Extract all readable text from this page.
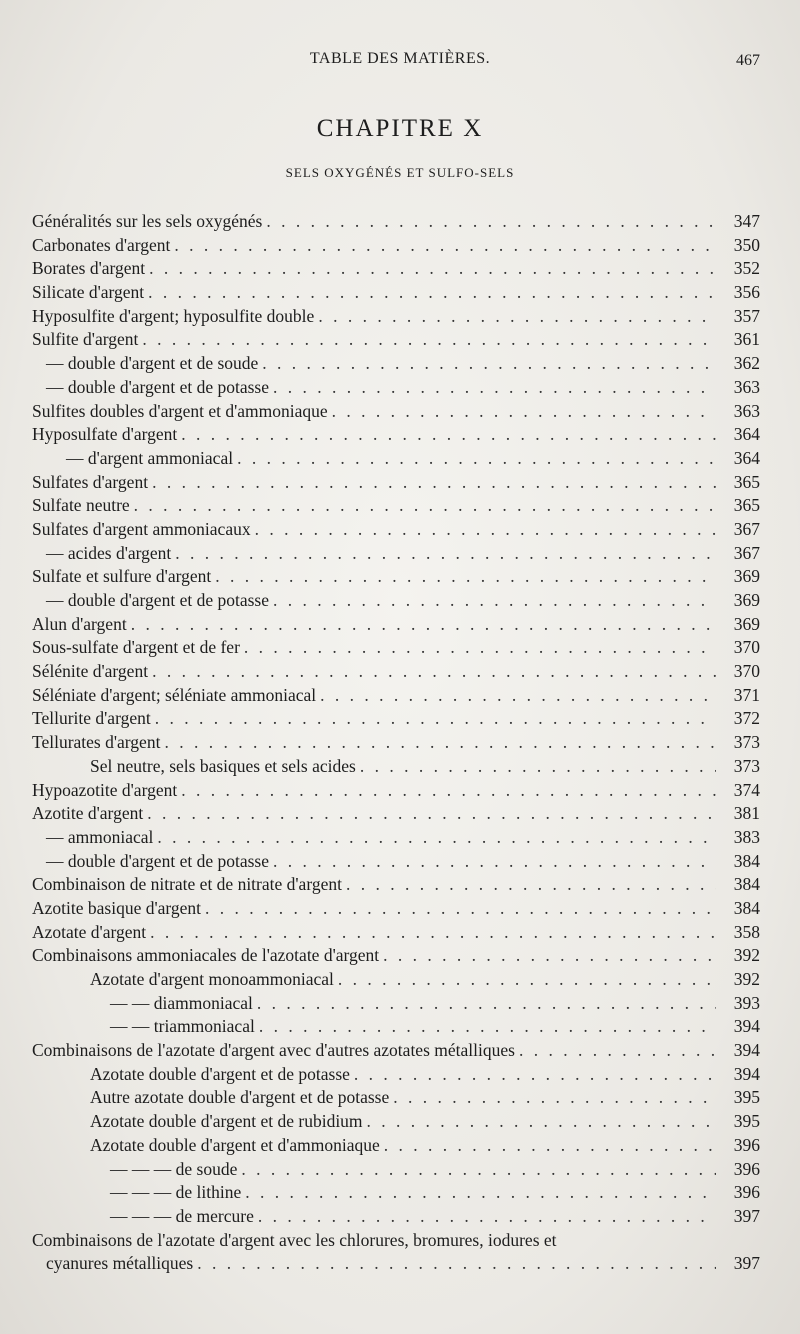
TABLE DES MATIÈRES.	467
CHAPITRE X
SELS OXYGÉNÉS ET SULFO-SELS
Généralités sur les sels oxygénés . . .	347
Carbonates d'argent . . .	350
Borates d'argent . . .	352
Silicate d'argent . . .	356
Hyposulfite d'argent; hyposulfite double . . .	357
Sulfite d'argent . . .	361
— double d'argent et de soude . . .	362
— double d'argent et de potasse . . .	363
Sulfites doubles d'argent et d'ammoniaque . . .	363
Hyposulfate d'argent . . .	364
— d'argent ammoniacal . . .	364
Sulfates d'argent . . .	365
Sulfate neutre . . .	365
Sulfates d'argent ammoniacaux . . .	367
— acides d'argent . . .	367
Sulfate et sulfure d'argent . . .	369
— double d'argent et de potasse . . .	369
Alun d'argent . . .	369
Sous-sulfate d'argent et de fer . . .	370
Sélénite d'argent . . .	370
Séléniate d'argent; séléniate ammoniacal . . .	371
Tellurite d'argent . . .	372
Tellurates d'argent . . .	373
Sel neutre, sels basiques et sels acides . . .	373
Hypoazotite d'argent . . .	374
Azotite d'argent . . .	381
— ammoniacal . . .	383
— double d'argent et de potasse . . .	384
Combinaison de nitrate et de nitrate d'argent . . .	384
Azotite basique d'argent . . .	384
Azotate d'argent . . .	358
Combinaisons ammoniacales de l'azotate d'argent . . .	392
Azotate d'argent monoammoniacal . . .	392
— — diammoniacal . . .	393
— — triammoniacal . . .	394
Combinaisons de l'azotate d'argent avec d'autres azotates métalliques . . .	394
Azotate double d'argent et de potasse . . .	394
Autre azotate double d'argent et de potasse . . .	395
Azotate double d'argent et de rubidium . . .	395
Azotate double d'argent et d'ammoniaque . . .	396
— — — de soude . . .	396
— — — de lithine . . .	396
— — — de mercure . . .	397
Combinaisons de l'azotate d'argent avec les chlorures, bromures, iodures et
cyanures métalliques . . .	397
